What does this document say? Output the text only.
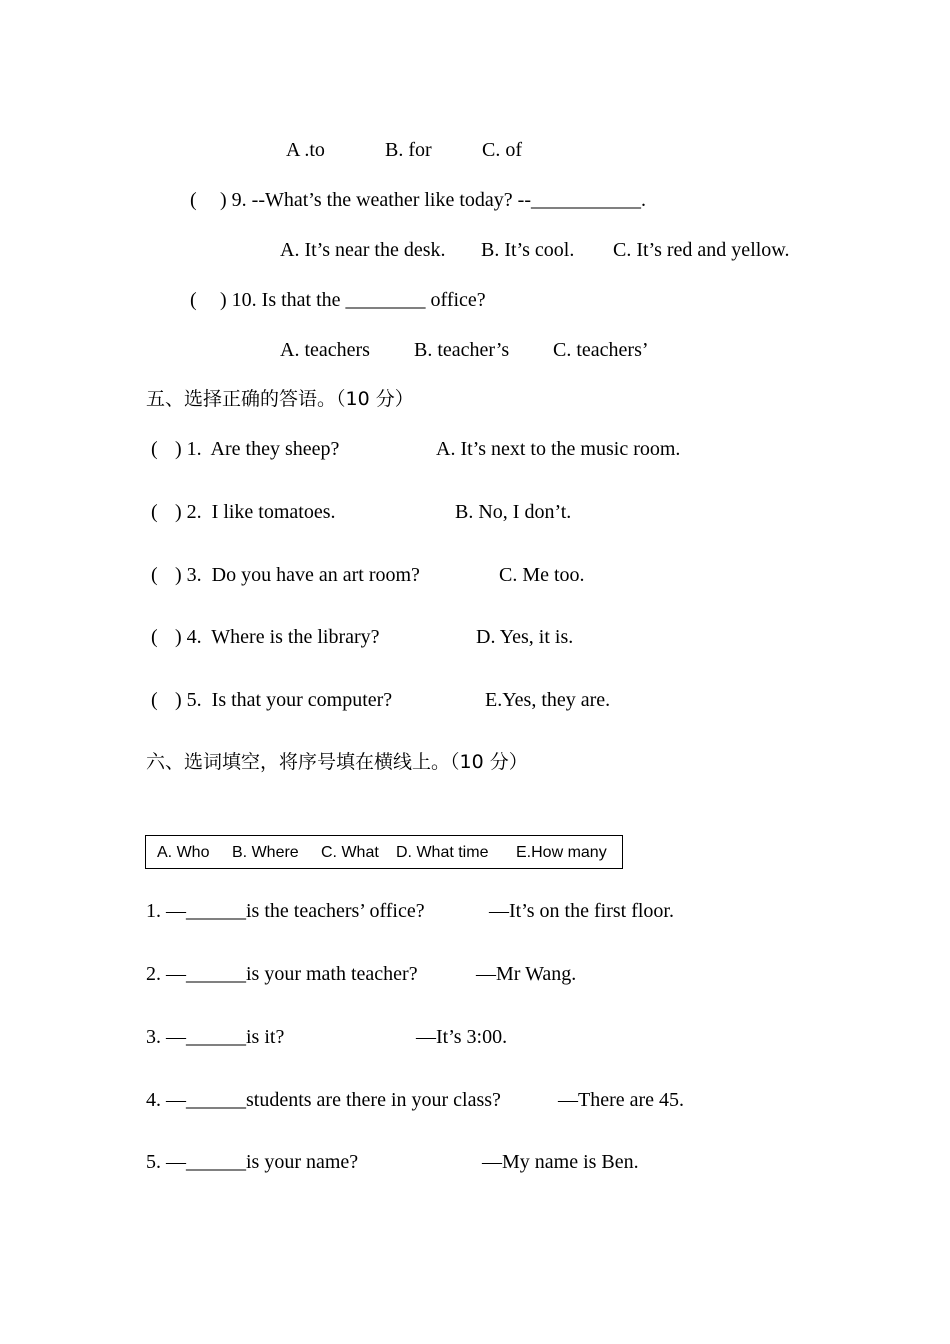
A .to	B. for	C. of
( ) 9. --What’s the weather like today? --___________.
A. It’s near the desk. B. It’s cool. C. It’s red and yellow.
( ) 10. Is that the ________ office?
A. teachers B. teacher’s C. teachers’
五、选择正确的答语。（10 分）
( ) 1.  Are they sheep?	A. It’s next to the music room.
( ) 2.  I like tomatoes.	B. No, I don’t.
( ) 3.  Do you have an art room?	C. Me too.
( ) 4.  Where is the library?	D. Yes, it is.
( ) 5.  Is that your computer?	E.Yes, they are.
六、选词填空，将序号填在横线上。（10 分）
A. Who B. Where C. What D. What time E.How many
1. —______is the teachers’ office?	—It’s on the first floor.
2. —______is your math teacher?	—Mr Wang.
3. —______is it?	—It’s 3:00.
4. —______students are there in your class?	—There are 45.
5. —______is your name?	—My name is Ben.
